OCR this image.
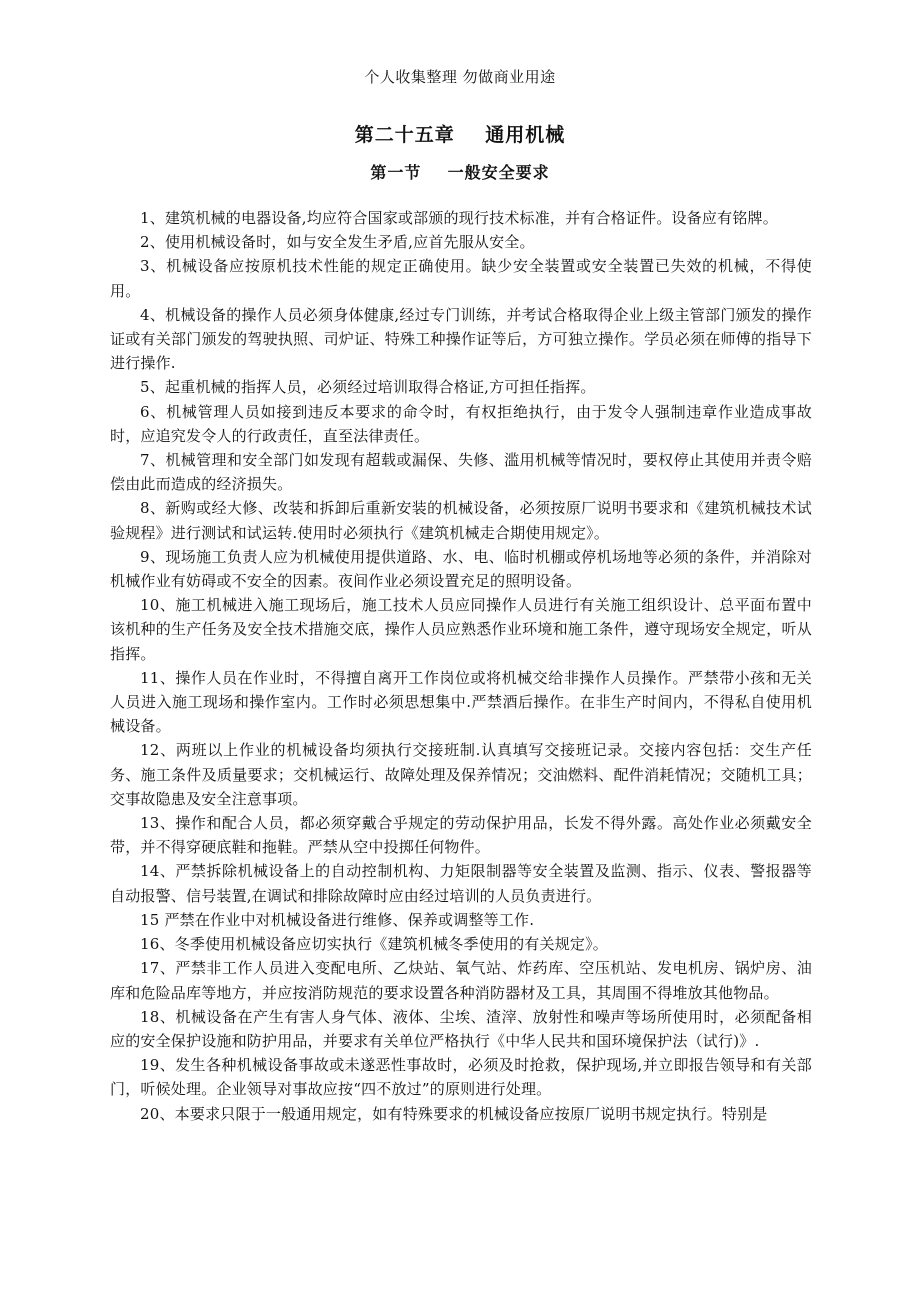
个人收集整理 勿做商业用途
第二十五章    通用机械
第一节    一般安全要求

1、建筑机械的电器设备,均应符合国家或部颁的现行技术标准，并有合格证件。设备应有铭牌。

2、使用机械设备时，如与安全发生矛盾,应首先服从安全。

3、机械设备应按原机技术性能的规定正确使用。缺少安全装置或安全装置已失效的机械，不得使用。

4、机械设备的操作人员必须身体健康,经过专门训练，并考试合格取得企业上级主管部门颁发的操作证或有关部门颁发的驾驶执照、司炉证、特殊工种操作证等后，方可独立操作。学员必须在师傅的指导下进行操作.

5、起重机械的指挥人员，必须经过培训取得合格证,方可担任指挥。

6、机械管理人员如接到违反本要求的命令时，有权拒绝执行，由于发令人强制违章作业造成事故时，应追究发令人的行政责任，直至法律责任。

7、机械管理和安全部门如发现有超载或漏保、失修、滥用机械等情况时，要权停止其使用并责令赔偿由此而造成的经济损失。

8、新购或经大修、改装和拆卸后重新安装的机械设备，必须按原厂说明书要求和《建筑机械技术试验规程》进行测试和试运转.使用时必须执行《建筑机械走合期使用规定》。

9、现场施工负责人应为机械使用提供道路、水、电、临时机棚或停机场地等必须的条件，并消除对机械作业有妨碍或不安全的因素。夜间作业必须设置充足的照明设备。

10、施工机械进入施工现场后，施工技术人员应同操作人员进行有关施工组织设计、总平面布置中该机种的生产任务及安全技术措施交底，操作人员应熟悉作业环境和施工条件，遵守现场安全规定，听从指挥。

11、操作人员在作业时，不得擅自离开工作岗位或将机械交给非操作人员操作。严禁带小孩和无关人员进入施工现场和操作室内。工作时必须思想集中.严禁酒后操作。在非生产时间内，不得私自使用机械设备。

12、两班以上作业的机械设备均须执行交接班制.认真填写交接班记录。交接内容包括：交生产任务、施工条件及质量要求；交机械运行、故障处理及保养情况；交油燃料、配件消耗情况；交随机工具；交事故隐患及安全注意事项。

13、操作和配合人员，都必须穿戴合乎规定的劳动保护用品，长发不得外露。高处作业必须戴安全带，并不得穿硬底鞋和拖鞋。严禁从空中投掷任何物件。

14、严禁拆除机械设备上的自动控制机构、力矩限制器等安全装置及监测、指示、仪表、警报器等自动报警、信号装置,在调试和排除故障时应由经过培训的人员负责进行。

15 严禁在作业中对机械设备进行维修、保养或调整等工作.

16、冬季使用机械设备应切实执行《建筑机械冬季使用的有关规定》。

17、严禁非工作人员进入变配电所、乙炔站、氧气站、炸药库、空压机站、发电机房、锅炉房、油库和危险品库等地方，并应按消防规范的要求设置各种消防器材及工具，其周围不得堆放其他物品。

18、机械设备在产生有害人身气体、液体、尘埃、渣滓、放射性和噪声等场所使用时，必须配备相应的安全保护设施和防护用品，并要求有关单位严格执行《中华人民共和国环境保护法（试行)》.

19、发生各种机械设备事故或未遂恶性事故时，必须及时抢救，保护现场,并立即报告领导和有关部门，听候处理。企业领导对事故应按“四不放过”的原则进行处理。

20、本要求只限于一般通用规定，如有特殊要求的机械设备应按原厂说明书规定执行。特别是
